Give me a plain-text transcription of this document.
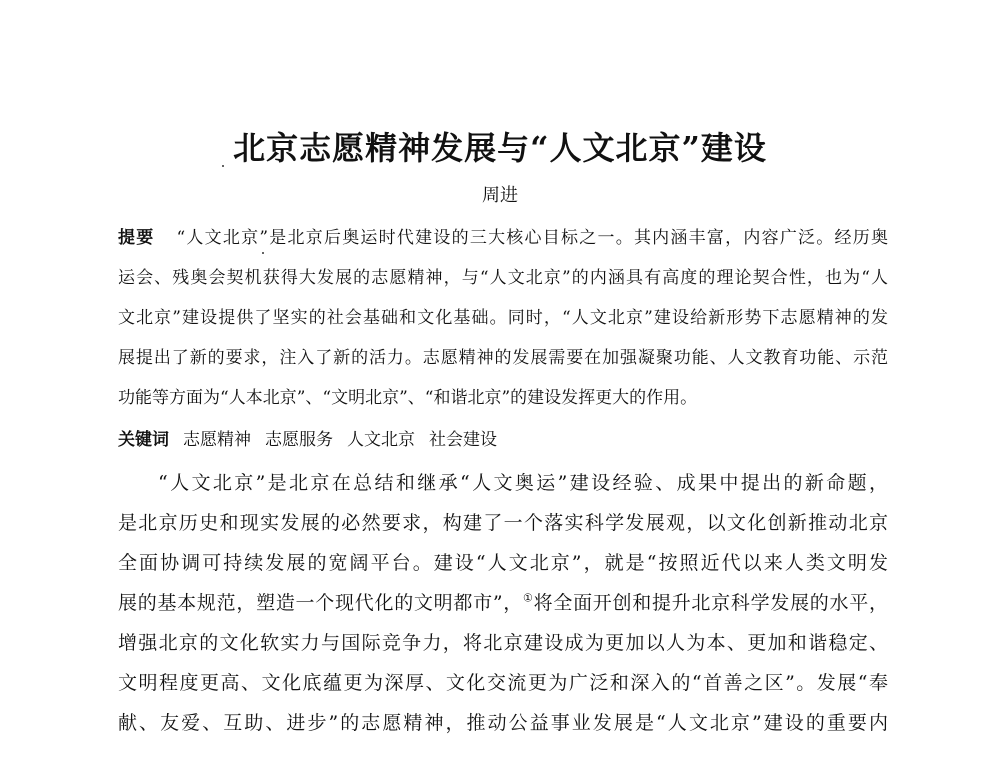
北京志愿精神发展与“人文北京”建设
周进
提要 “人文北京”是北京后奥运时代建设的三大核心目标之一。其内涵丰富，内容广泛。经历奥
运会、残奥会契机获得大发展的志愿精神，与“人文北京”的内涵具有高度的理论契合性，也为“人
文北京”建设提供了坚实的社会基础和文化基础。同时，“人文北京”建设给新形势下志愿精神的发
展提出了新的要求，注入了新的活力。志愿精神的发展需要在加强凝聚功能、人文教育功能、示范
功能等方面为“人本北京”、“文明北京”、“和谐北京”的建设发挥更大的作用。
关键词 志愿精神 志愿服务 人文北京 社会建设
“人文北京”是北京在总结和继承“人文奥运”建设经验、成果中提出的新命题，
是北京历史和现实发展的必然要求，构建了一个落实科学发展观，以文化创新推动北京
全面协调可持续发展的宽阔平台。建设“人文北京”，就是“按照近代以来人类文明发
展的基本规范，塑造一个现代化的文明都市”，①将全面开创和提升北京科学发展的水平，
增强北京的文化软实力与国际竞争力，将北京建设成为更加以人为本、更加和谐稳定、
文明程度更高、文化底蕴更为深厚、文化交流更为广泛和深入的“首善之区”。发展“奉
献、友爱、互助、进步”的志愿精神，推动公益事业发展是“人文北京”建设的重要内
